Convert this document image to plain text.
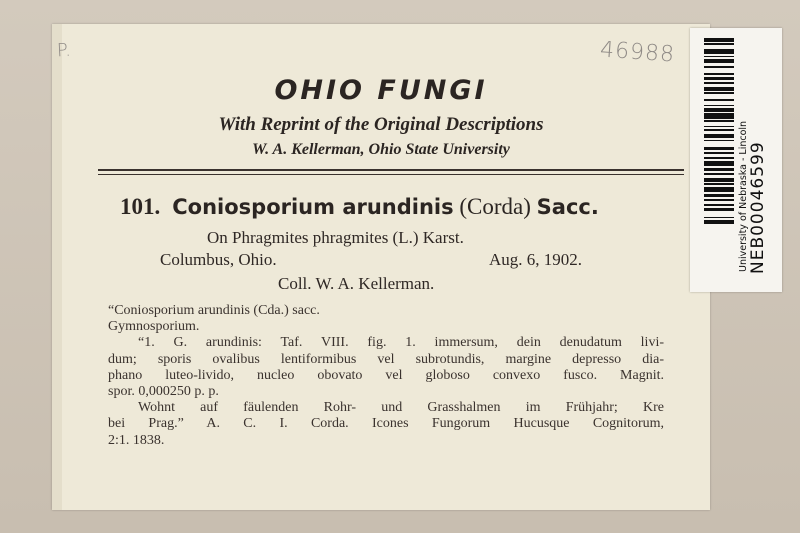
P.	46988
OHIO FUNGI
With Reprint of the Original Descriptions
W. A. Kellerman, Ohio State University
101. Coniosporium arundinis (Corda) Sacc.
On Phragmites phragmites (L.) Karst.
Columbus, Ohio.	Aug. 6, 1902.
Coll. W. A. Kellerman.
“Coniosporium arundinis (Cda.) sacc.
Gymnosporium.
“1. G. arundinis: Taf. VIII. fig. 1. immersum, dein denudatum livi-
dum; sporis ovalibus lentiformibus vel subrotundis, margine depresso dia-
phano luteo-livido, nucleo obovato vel globoso convexo fusco. Magnit.
spor. 0,000250 p. p.
Wohnt auf fäulenden Rohr- und Grasshalmen im Frühjahr; Kre
bei Prag.” A. C. I. Corda. Icones Fungorum Hucusque Cognitorum,
2:1. 1838.
University of Nebraska - Lincoln NEB00046599
